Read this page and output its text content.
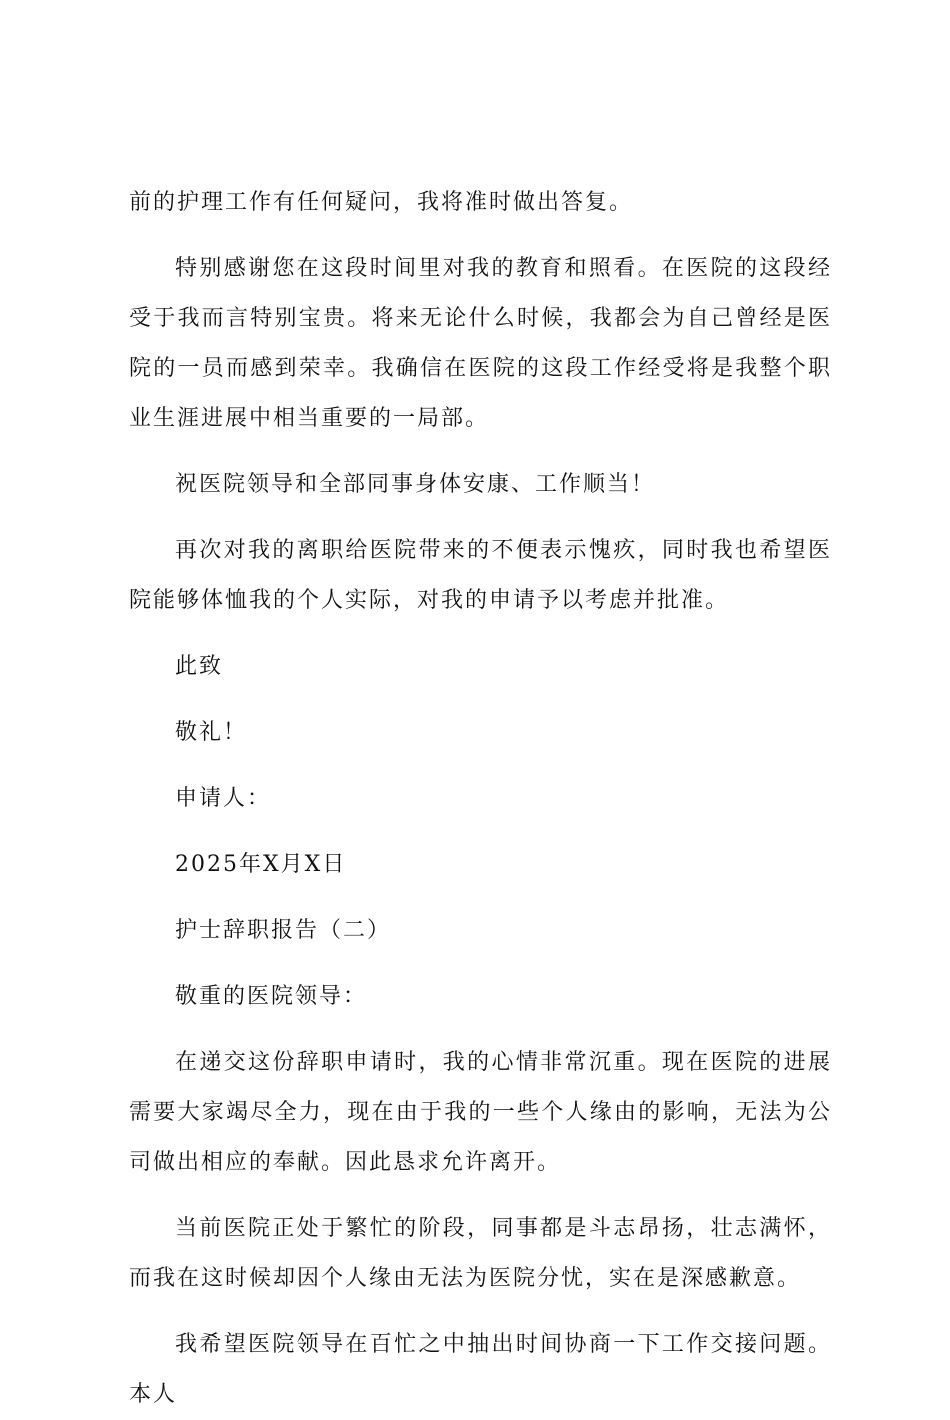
前的护理工作有任何疑问，我将准时做出答复。

特别感谢您在这段时间里对我的教育和照看。在医院的这段经受于我而言特别宝贵。将来无论什么时候，我都会为自己曾经是医院的一员而感到荣幸。我确信在医院的这段工作经受将是我整个职业生涯进展中相当重要的一局部。

祝医院领导和全部同事身体安康、工作顺当！

再次对我的离职给医院带来的不便表示愧疚，同时我也希望医院能够体恤我的个人实际，对我的申请予以考虑并批准。

此致

敬礼！

申请人：

2025年X月X日

护士辞职报告（二）

敬重的医院领导：

在递交这份辞职申请时，我的心情非常沉重。现在医院的进展需要大家竭尽全力，现在由于我的一些个人缘由的影响，无法为公司做出相应的奉献。因此恳求允许离开。

当前医院正处于繁忙的阶段，同事都是斗志昂扬，壮志满怀，而我在这时候却因个人缘由无法为医院分忧，实在是深感歉意。

我希望医院领导在百忙之中抽出时间协商一下工作交接问题。本人
